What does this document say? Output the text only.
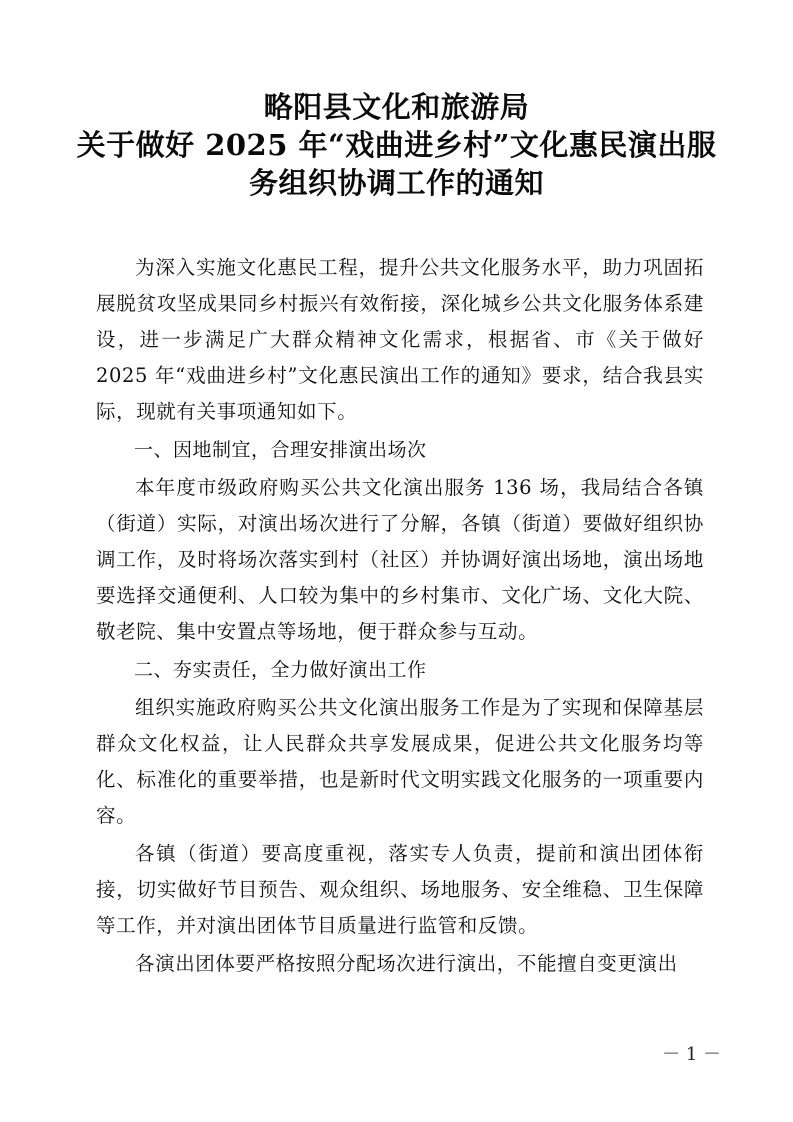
略阳县文化和旅游局
关于做好 2025 年“戏曲进乡村”文化惠民演出服
务组织协调工作的通知

为深入实施文化惠民工程，提升公共文化服务水平，助力巩固拓展脱贫攻坚成果同乡村振兴有效衔接，深化城乡公共文化服务体系建设，进一步满足广大群众精神文化需求，根据省、市《关于做好 2025 年“戏曲进乡村”文化惠民演出工作的通知》要求，结合我县实际，现就有关事项通知如下。

一、因地制宜，合理安排演出场次

本年度市级政府购买公共文化演出服务 136 场，我局结合各镇（街道）实际，对演出场次进行了分解，各镇（街道）要做好组织协调工作，及时将场次落实到村（社区）并协调好演出场地，演出场地要选择交通便利、人口较为集中的乡村集市、文化广场、文化大院、敬老院、集中安置点等场地，便于群众参与互动。

二、夯实责任，全力做好演出工作

组织实施政府购买公共文化演出服务工作是为了实现和保障基层群众文化权益，让人民群众共享发展成果，促进公共文化服务均等化、标准化的重要举措，也是新时代文明实践文化服务的一项重要内容。

各镇（街道）要高度重视，落实专人负责，提前和演出团体衔接，切实做好节目预告、观众组织、场地服务、安全维稳、卫生保障等工作，并对演出团体节目质量进行监管和反馈。

各演出团体要严格按照分配场次进行演出，不能擅自变更演出

－ 1 －
